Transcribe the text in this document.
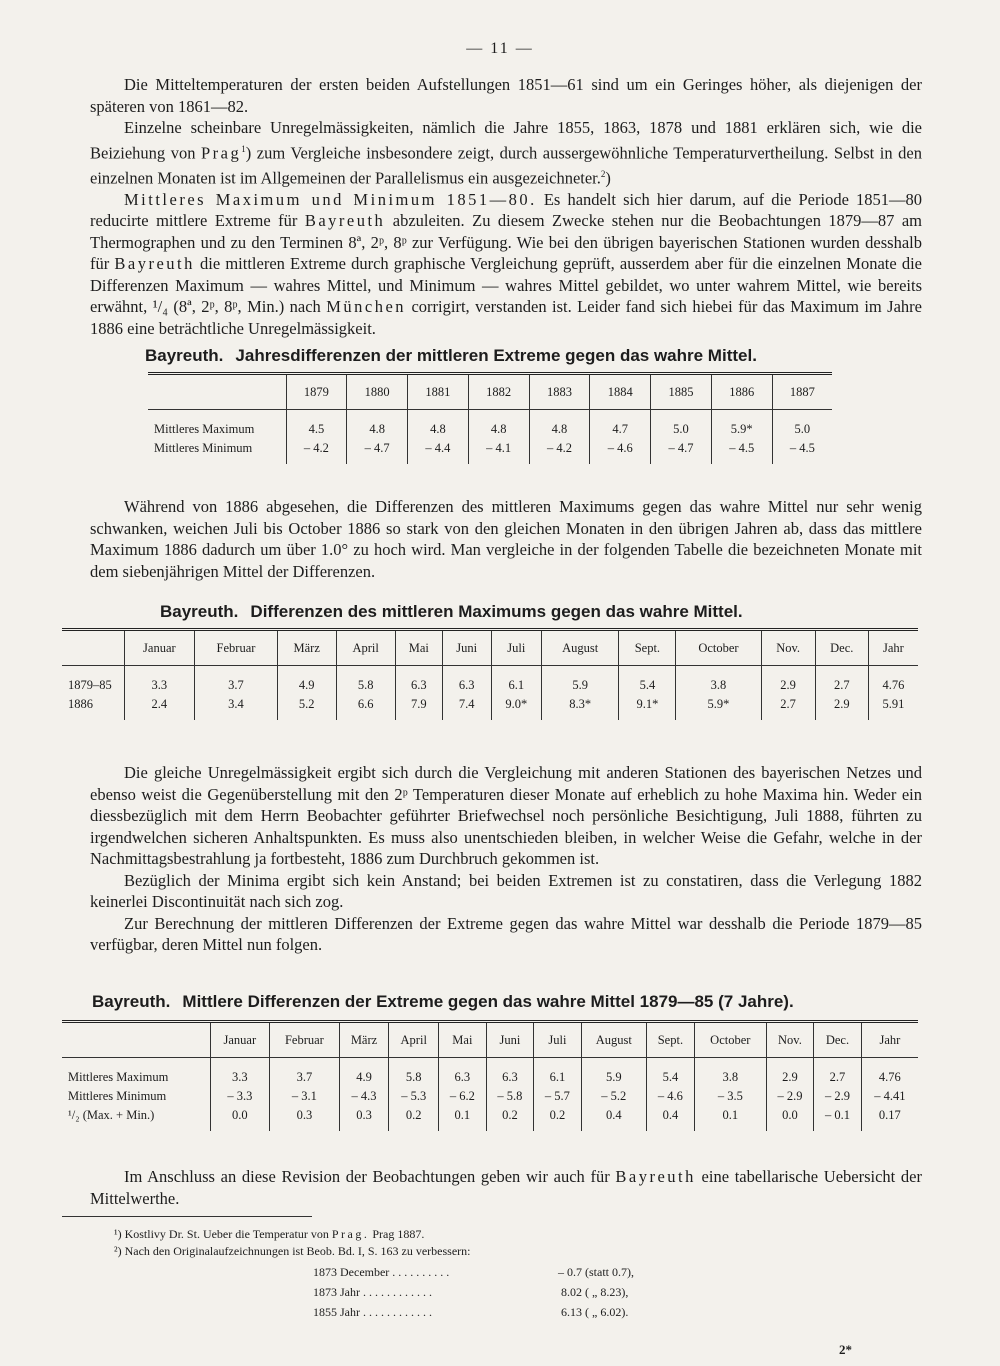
— 11 —

Die Mitteltemperaturen der ersten beiden Aufstellungen 1851—61 sind um ein Geringes höher, als diejenigen der späteren von 1861—82.

Einzelne scheinbare Unregelmässigkeiten, nämlich die Jahre 1855, 1863, 1878 und 1881 erklären sich, wie die Beiziehung von Prag$^1$) zum Vergleiche insbesondere zeigt, durch aussergewöhnliche Temperaturvertheilung. Selbst in den einzelnen Monaten ist im Allgemeinen der Parallelismus ein ausgezeichneter.$^2$)

Mittleres Maximum und Minimum 1851—80. Es handelt sich hier darum, auf die Periode 1851—80 reducirte mittlere Extreme für Bayreuth abzuleiten. Zu diesem Zwecke stehen nur die Beobachtungen 1879—87 am Thermographen und zu den Terminen 8ª, 2ᵖ, 8ᵖ zur Verfügung. Wie bei den übrigen bayerischen Stationen wurden desshalb für Bayreuth die mittleren Extreme durch graphische Vergleichung geprüft, ausserdem aber für die einzelnen Monate die Differenzen Maximum — wahres Mittel, und Minimum — wahres Mittel gebildet, wo unter wahrem Mittel, wie bereits erwähnt, ¹/₄ (8ª, 2ᵖ, 8ᵖ, Min.) nach München corrigirt, verstanden ist. Leider fand sich hiebei für das Maximum im Jahre 1886 eine beträchtliche Unregelmässigkeit.

Bayreuth. Jahresdifferenzen der mittleren Extreme gegen das wahre Mittel.
	1879	1880	1881	1882	1883	1884	1885	1886	1887

Mittleres Maximum	4.5	4.8	4.8	4.8	4.8	4.7	5.0	5.9*	5.0
Mittleres Minimum	– 4.2	– 4.7	– 4.4	– 4.1	– 4.2	– 4.6	– 4.7	– 4.5	– 4.5

Während von 1886 abgesehen, die Differenzen des mittleren Maximums gegen das wahre Mittel nur sehr wenig schwanken, weichen Juli bis October 1886 so stark von den gleichen Monaten in den übrigen Jahren ab, dass das mittlere Maximum 1886 dadurch um über 1.0° zu hoch wird. Man vergleiche in der folgenden Tabelle die bezeichneten Monate mit dem siebenjährigen Mittel der Differenzen.

Bayreuth. Differenzen des mittleren Maximums gegen das wahre Mittel.
	Januar	Februar	März	April	Mai	Juni	Juli	August	Sept.	October	Nov.	Dec.	Jahr

1879–85	3.3	3.7	4.9	5.8	6.3	6.3	6.1	5.9	5.4	3.8	2.9	2.7	4.76
1886	2.4	3.4	5.2	6.6	7.9	7.4	9.0*	8.3*	9.1*	5.9*	2.7	2.9	5.91

Die gleiche Unregelmässigkeit ergibt sich durch die Vergleichung mit anderen Stationen des bayerischen Netzes und ebenso weist die Gegenüberstellung mit den 2ᵖ Temperaturen dieser Monate auf erheblich zu hohe Maxima hin. Weder ein diessbezüglich mit dem Herrn Beobachter geführter Briefwechsel noch persönliche Besichtigung, Juli 1888, führten zu irgendwelchen sicheren Anhaltspunkten. Es muss also unentschieden bleiben, in welcher Weise die Gefahr, welche in der Nachmittagsbestrahlung ja fortbesteht, 1886 zum Durchbruch gekommen ist.

Bezüglich der Minima ergibt sich kein Anstand; bei beiden Extremen ist zu constatiren, dass die Verlegung 1882 keinerlei Discontinuität nach sich zog.

Zur Berechnung der mittleren Differenzen der Extreme gegen das wahre Mittel war desshalb die Periode 1879—85 verfügbar, deren Mittel nun folgen.

Bayreuth. Mittlere Differenzen der Extreme gegen das wahre Mittel 1879—85 (7 Jahre).
	Januar	Februar	März	April	Mai	Juni	Juli	August	Sept.	October	Nov.	Dec.	Jahr

Mittleres Maximum	3.3	3.7	4.9	5.8	6.3	6.3	6.1	5.9	5.4	3.8	2.9	2.7	4.76
Mittleres Minimum	– 3.3	– 3.1	– 4.3	– 5.3	– 6.2	– 5.8	– 5.7	– 5.2	– 4.6	– 3.5	– 2.9	– 2.9	– 4.41
¹/₂ (Max. + Min.)	0.0	0.3	0.3	0.2	0.1	0.2	0.2	0.4	0.4	0.1	0.0	– 0.1	0.17

Im Anschluss an diese Revision der Beobachtungen geben wir auch für Bayreuth eine tabellarische Uebersicht der Mittelwerthe.

¹) Kostlivy Dr. St. Ueber die Temperatur von Prag. Prag 1887.

²) Nach den Originalaufzeichnungen ist Beob. Bd. I, S. 163 zu verbessern:

1873 December . . . . . . . . . .	– 0.7 (statt 0.7),
1873 Jahr . . . . . . . . . . . .	8.02 ( „ 8.23),
1855 Jahr . . . . . . . . . . . .	6.13 ( „ 6.02).
2*
